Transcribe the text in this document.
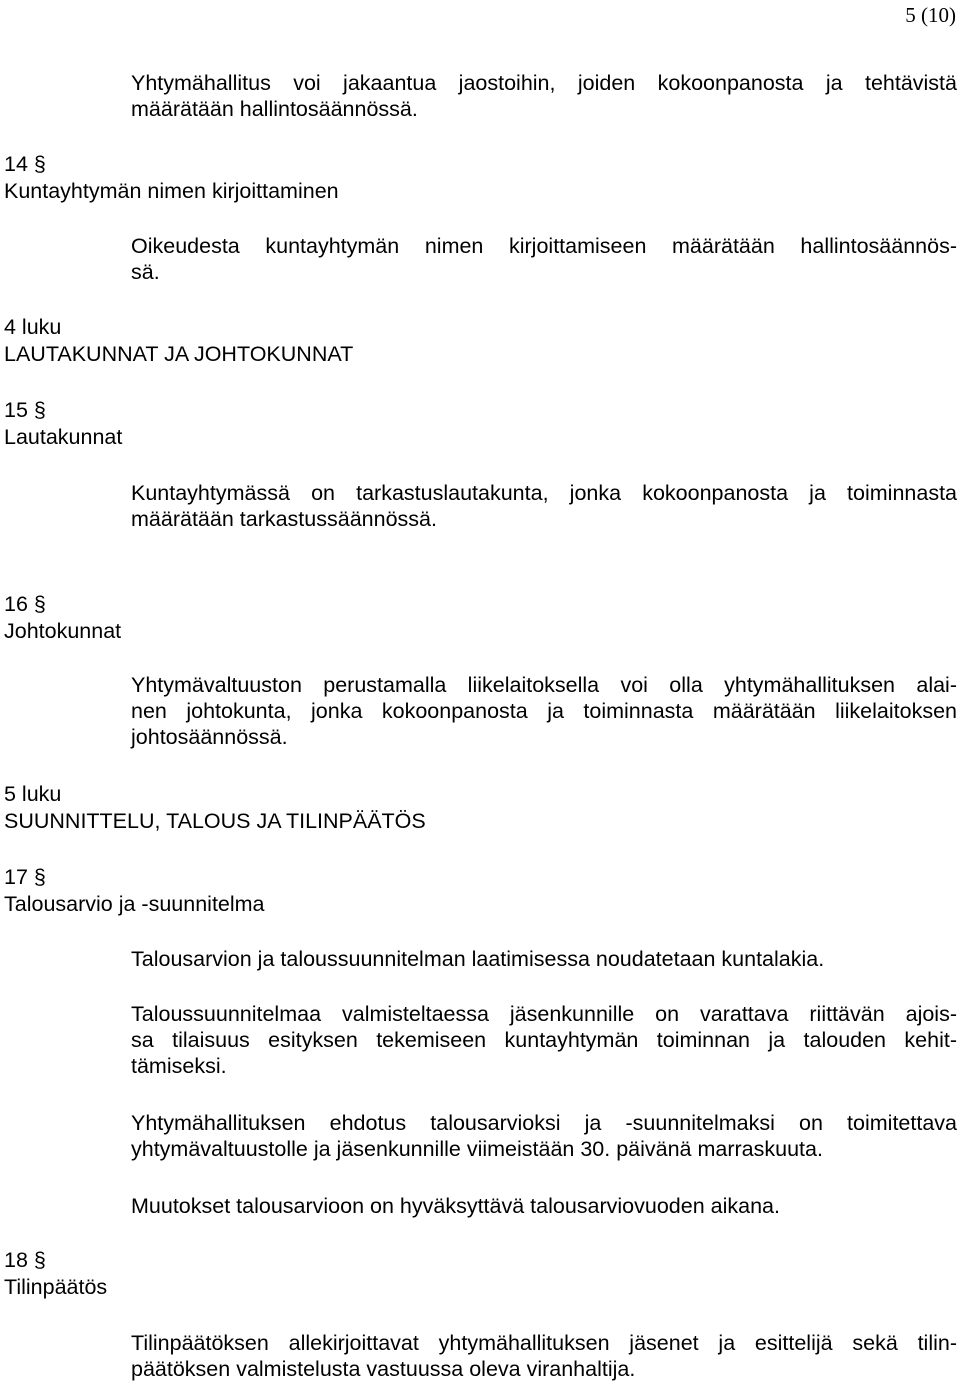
5 (10)
Yhtymähallitus voi jakaantua jaostoihin, joiden kokoonpanosta ja tehtävistä
määrätään hallintosäännössä.
14 §
Kuntayhtymän nimen kirjoittaminen
Oikeudesta kuntayhtymän nimen kirjoittamiseen määrätään hallintosäännös-
sä.
4 luku
LAUTAKUNNAT JA JOHTOKUNNAT
15 §
Lautakunnat
Kuntayhtymässä on tarkastuslautakunta, jonka kokoonpanosta ja toiminnasta
määrätään tarkastussäännössä.
16 §
Johtokunnat
Yhtymävaltuuston perustamalla liikelaitoksella voi olla yhtymähallituksen alai-
nen johtokunta, jonka kokoonpanosta ja toiminnasta määrätään liikelaitoksen
johtosäännössä.
5 luku
SUUNNITTELU, TALOUS JA TILINPÄÄTÖS
17 §
Talousarvio ja -suunnitelma
Talousarvion ja taloussuunnitelman laatimisessa noudatetaan kuntalakia.
Taloussuunnitelmaa valmisteltaessa jäsenkunnille on varattava riittävän ajois-
sa tilaisuus esityksen tekemiseen kuntayhtymän toiminnan ja talouden kehit-
tämiseksi.
Yhtymähallituksen ehdotus talousarvioksi ja -suunnitelmaksi on toimitettava
yhtymävaltuustolle ja jäsenkunnille viimeistään 30. päivänä marraskuuta.
Muutokset talousarvioon on hyväksyttävä talousarviovuoden aikana.
18 §
Tilinpäätös
Tilinpäätöksen allekirjoittavat yhtymähallituksen jäsenet ja esittelijä sekä tilin-
päätöksen valmistelusta vastuussa oleva viranhaltija.
